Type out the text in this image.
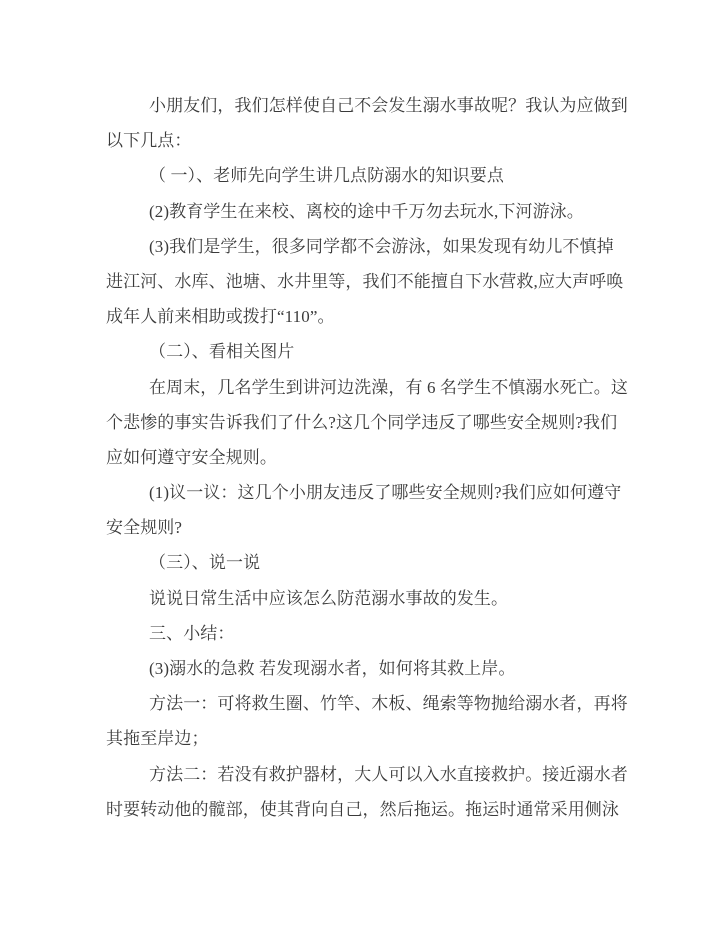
小朋友们，我们怎样使自己不会发生溺水事故呢？我认为应做到
以下几点：
（ 一）、老师先向学生讲几点防溺水的知识要点
(2)教育学生在来校、离校的途中千万勿去玩水,下河游泳。
(3)我们是学生，很多同学都不会游泳，如果发现有幼儿不慎掉
进江河、水库、池塘、水井里等，我们不能擅自下水营救,应大声呼唤
成年人前来相助或拨打“110”。
（二）、看相关图片
在周末，几名学生到讲河边洗澡，有 6 名学生不慎溺水死亡。这
个悲惨的事实告诉我们了什么?这几个同学违反了哪些安全规则?我们
应如何遵守安全规则。
(1)议一议：这几个小朋友违反了哪些安全规则?我们应如何遵守
安全规则?
（三）、说一说
说说日常生活中应该怎么防范溺水事故的发生。
三、小结：
(3)溺水的急救 若发现溺水者，如何将其救上岸。
方法一：可将救生圈、竹竿、木板、绳索等物抛给溺水者，再将
其拖至岸边；
方法二：若没有救护器材，大人可以入水直接救护。接近溺水者
时要转动他的髋部，使其背向自己，然后拖运。拖运时通常采用侧泳
